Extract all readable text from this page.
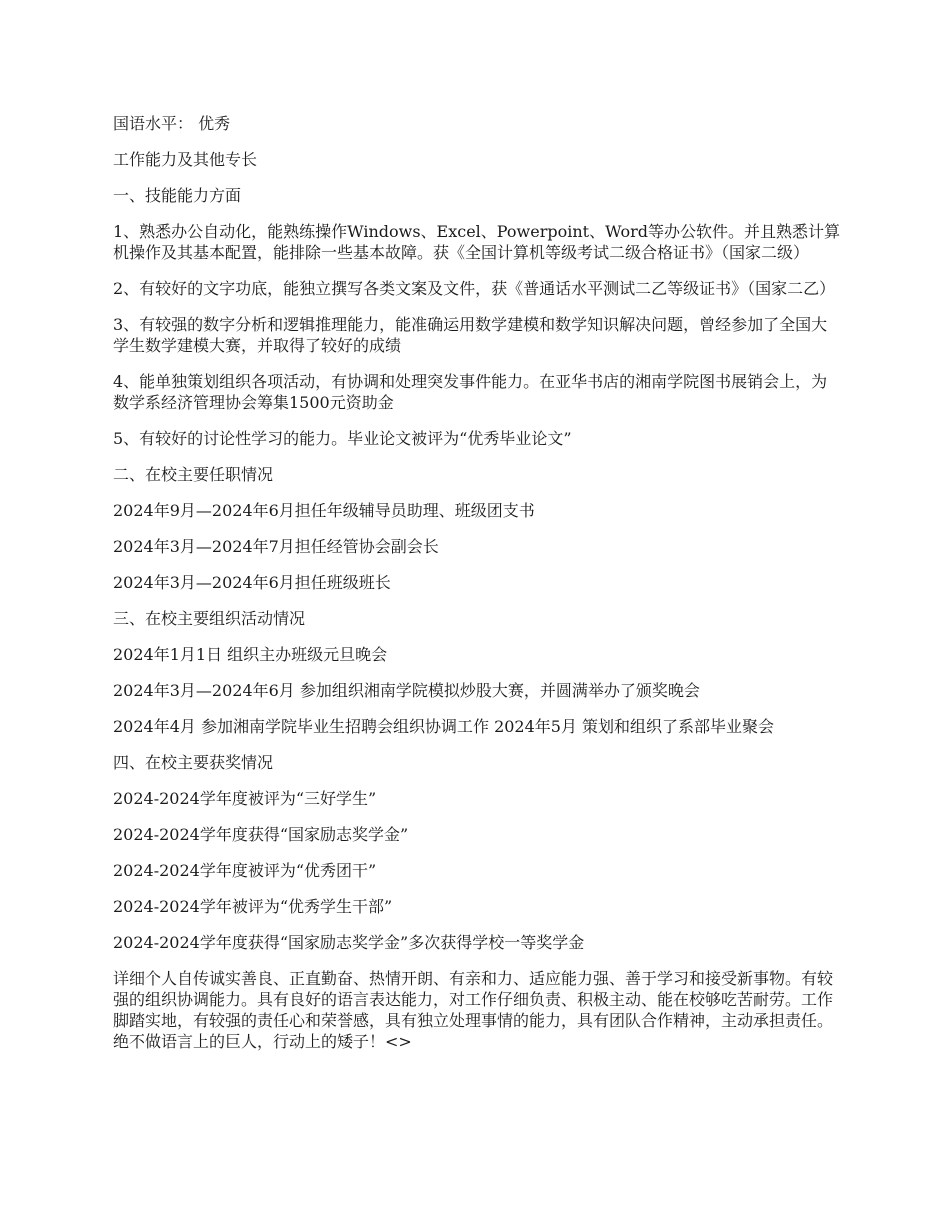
国语水平： 优秀

工作能力及其他专长

一、技能能力方面

1、熟悉办公自动化，能熟练操作Windows、Excel、Powerpoint、Word等办公软件。并且熟悉计算机操作及其基本配置，能排除一些基本故障。获《全国计算机等级考试二级合格证书》（国家二级）

2、有较好的文字功底，能独立撰写各类文案及文件，获《普通话水平测试二乙等级证书》（国家二乙）

3、有较强的数字分析和逻辑推理能力，能准确运用数学建模和数学知识解决问题，曾经参加了全国大学生数学建模大赛，并取得了较好的成绩

4、能单独策划组织各项活动，有协调和处理突发事件能力。在亚华书店的湘南学院图书展销会上，为数学系经济管理协会筹集1500元资助金

5、有较好的讨论性学习的能力。毕业论文被评为“优秀毕业论文”

二、在校主要任职情况

2024年9月—2024年6月担任年级辅导员助理、班级团支书

2024年3月—2024年7月担任经管协会副会长

2024年3月—2024年6月担任班级班长

三、在校主要组织活动情况

2024年1月1日 组织主办班级元旦晚会

2024年3月—2024年6月 参加组织湘南学院模拟炒股大赛，并圆满举办了颁奖晚会

2024年4月 参加湘南学院毕业生招聘会组织协调工作 2024年5月 策划和组织了系部毕业聚会

四、在校主要获奖情况

2024-2024学年度被评为“三好学生”

2024-2024学年度获得“国家励志奖学金”

2024-2024学年度被评为“优秀团干”

2024-2024学年被评为“优秀学生干部”

2024-2024学年度获得“国家励志奖学金”多次获得学校一等奖学金

详细个人自传诚实善良、正直勤奋、热情开朗、有亲和力、适应能力强、善于学习和接受新事物。有较强的组织协调能力。具有良好的语言表达能力，对工作仔细负责、积极主动、能在校够吃苦耐劳。工作脚踏实地，有较强的责任心和荣誉感，具有独立处理事情的能力，具有团队合作精神，主动承担责任。绝不做语言上的巨人，行动上的矮子！<>
